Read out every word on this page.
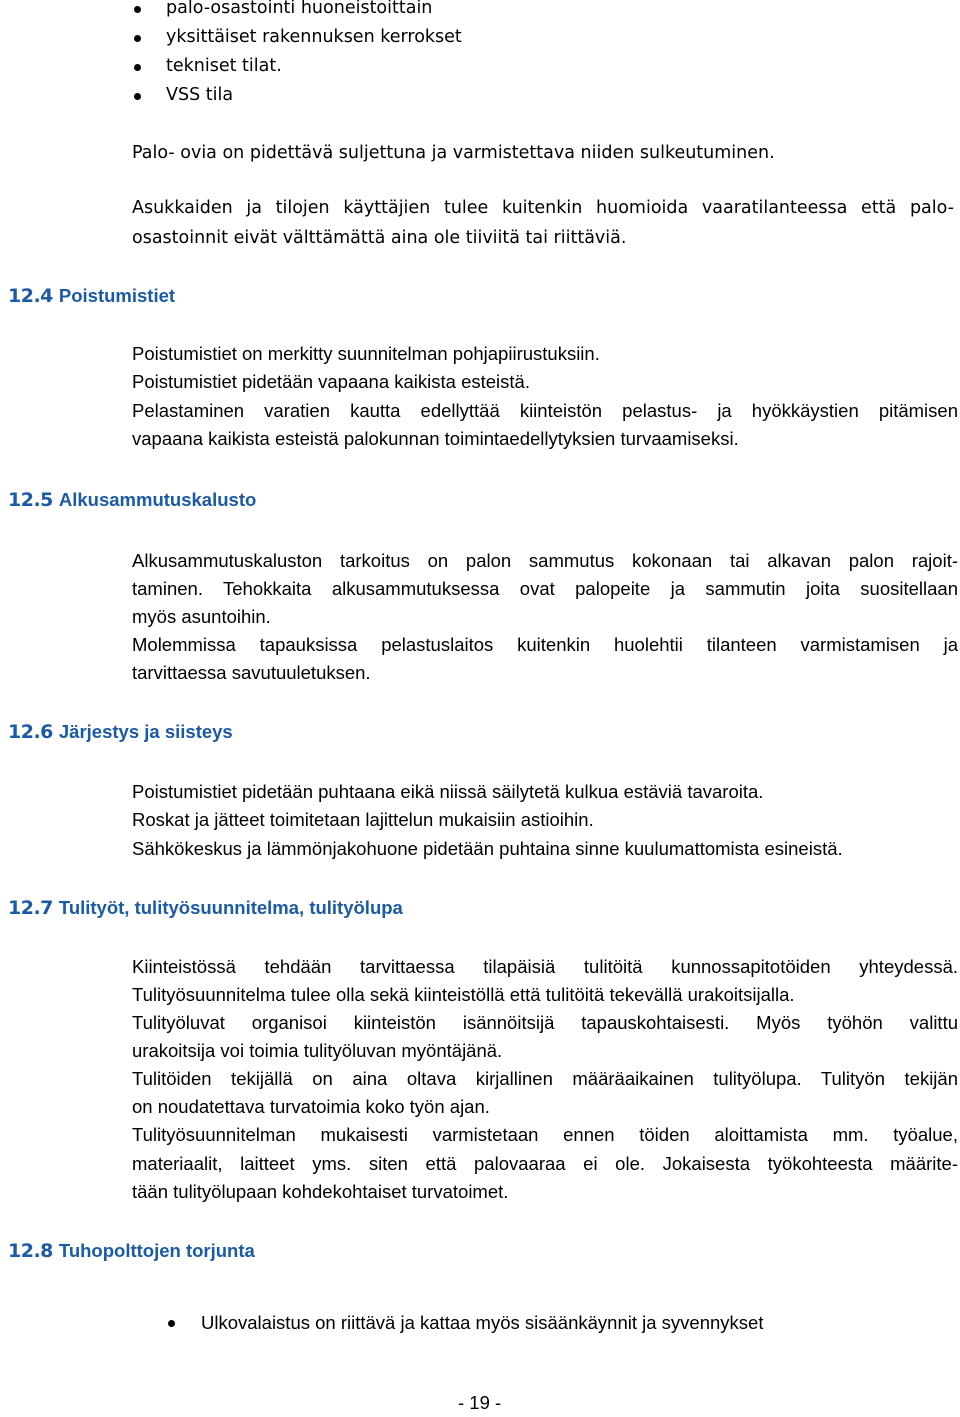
palo-osastointi huoneistoittain
yksittäiset rakennuksen kerrokset
tekniset tilat.
VSS tila
Palo- ovia on pidettävä suljettuna ja varmistettava niiden sulkeutuminen.
Asukkaiden ja tilojen käyttäjien tulee kuitenkin huomioida vaaratilanteessa että palo-
osastoinnit eivät välttämättä aina ole tiiviitä tai riittäviä.
12.4 Poistumistiet
Poistumistiet on merkitty suunnitelman pohjapiirustuksiin.
Poistumistiet pidetään vapaana kaikista esteistä.
Pelastaminen varatien kautta edellyttää kiinteistön pelastus- ja hyökkäystien pitämisen
vapaana kaikista esteistä palokunnan toimintaedellytyksien turvaamiseksi.
12.5 Alkusammutuskalusto
Alkusammutuskaluston tarkoitus on palon sammutus kokonaan tai alkavan palon rajoit-
taminen. Tehokkaita alkusammutuksessa ovat palopeite ja sammutin joita suositellaan
myös asuntoihin.
Molemmissa tapauksissa pelastuslaitos kuitenkin huolehtii tilanteen varmistamisen ja
tarvittaessa savutuuletuksen.
12.6 Järjestys ja siisteys
Poistumistiet pidetään puhtaana eikä niissä säilytetä kulkua estäviä tavaroita.
Roskat ja jätteet toimitetaan lajittelun mukaisiin astioihin.
Sähkökeskus ja lämmönjakohuone pidetään puhtaina sinne kuulumattomista esineistä.
12.7 Tulityöt, tulityösuunnitelma, tulityölupa
Kiinteistössä tehdään tarvittaessa tilapäisiä tulitöitä kunnossapitotöiden yhteydessä.
Tulityösuunnitelma tulee olla sekä kiinteistöllä että tulitöitä tekevällä urakoitsijalla.
Tulityöluvat organisoi kiinteistön isännöitsijä tapauskohtaisesti. Myös työhön valittu
urakoitsija voi toimia tulityöluvan myöntäjänä.
Tulitöiden tekijällä on aina oltava kirjallinen määräaikainen tulityölupa. Tulityön tekijän
on noudatettava turvatoimia koko työn ajan.
Tulityösuunnitelman mukaisesti varmistetaan ennen töiden aloittamista mm. työalue,
materiaalit, laitteet yms. siten että palovaaraa ei ole. Jokaisesta työkohteesta määrite-
tään tulityölupaan kohdekohtaiset turvatoimet.
12.8 Tuhopolttojen torjunta
Ulkovalaistus on riittävä ja kattaa myös sisäänkäynnit ja syvennykset
- 19 -
